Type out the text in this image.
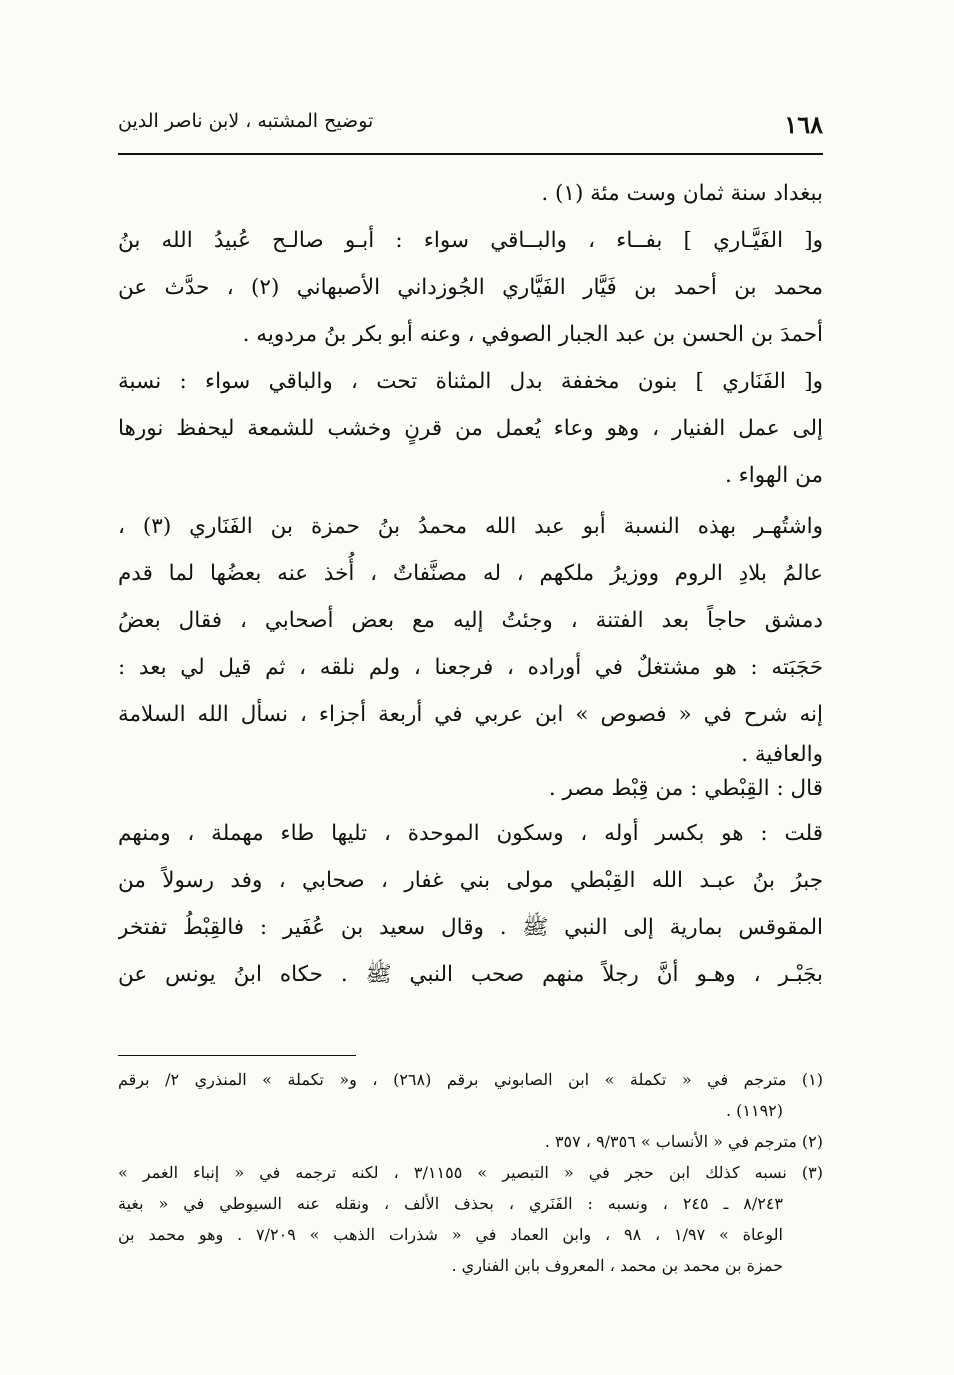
١٦٨
توضيح المشتبه ، لابن ناصر الدين
ببغداد سنة ثمان وست مئة (١) .
و[ الفَيَّـاري ] بفــاء ، والبــاقي سواء : أبـو صالـح عُبيدُ الله بنُ
محمد بن أحمد بن فَيَّار الفَيَّاري الجُوزداني الأصبهاني (٢) ، حدَّث عن
أحمدَ بن الحسن بن عبد الجبار الصوفي ، وعنه أبو بكر بنُ مردويه .
و[ الفَنَاري ] بنون مخففة بدل المثناة تحت ، والباقي سواء : نسبة
إلى عمل الفنيار ، وهو وعاء يُعمل من قرنٍ وخشب للشمعة ليحفظ نورها
من الهواء .
واشتُهـر بهذه النسبة أبو عبد الله محمدُ بنُ حمزة بن الفَنَاري (٣) ،
عالمُ بلادِ الروم ووزيرُ ملكهم ، له مصنَّفاتٌ ، أُخذ عنه بعضُها لما قدم
دمشق حاجاً بعد الفتنة ، وجئتُ إليه مع بعض أصحابي ، فقال بعضُ
حَجَبَته : هو مشتغلٌ في أوراده ، فرجعنا ، ولم نلقه ، ثم قيل لي بعد :
إنه شرح في « فصوص » ابن عربي في أربعة أجزاء ، نسأل الله السلامة
والعافية .
قال : القِبْطي : من قِبْط مصر .
قلت : هو بكسر أوله ، وسكون الموحدة ، تليها طاء مهملة ، ومنهم
جبرُ بنُ عبـد الله القِبْطي مولى بني غفار ، صحابي ، وفد رسولاً من
المقوقس بمارية إلى النبي ﷺ . وقال سعيد بن عُفَير : فالقِبْطُ تفتخر
بجَبْـر ، وهـو أنَّ رجلاً منهم صحب النبي ﷺ . حكاه ابنُ يونس عن
(١) مترجم في « تكملة » ابن الصابوني برقم (٢٦٨) ، و« تكملة » المنذري ٢/ برقم
(١١٩٢) .
(٢) مترجم في « الأنساب » ٩/٣٥٦ ، ٣٥٧ .
(٣) نسبه كذلك ابن حجر في « التبصير » ٣/١١٥٥ ، لكنه ترجمه في « إنباء الغمر »
٨/٢٤٣ ـ ٢٤٥ ، ونسبه : الفَنَري ، بحذف الألف ، ونقله عنه السيوطي في « بغية
الوعاة » ١/٩٧ ، ٩٨ ، وابن العماد في « شذرات الذهب » ٧/٢٠٩ . وهو محمد بن
حمزة بن محمد بن محمد ، المعروف بابن الفناري .
